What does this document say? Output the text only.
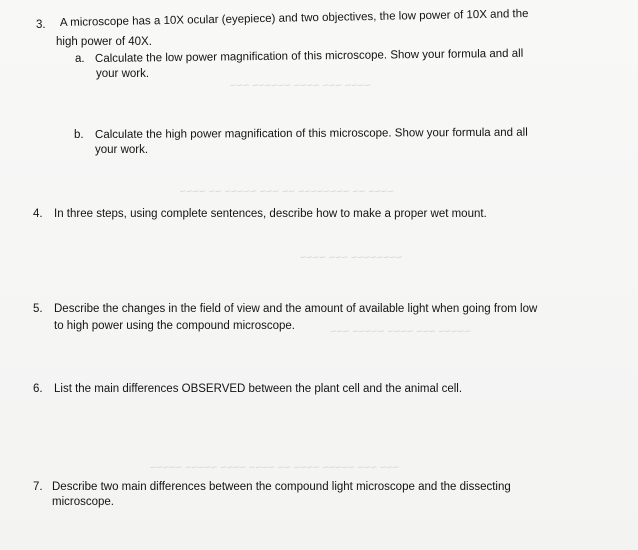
~~~~ ~~~ ~~~~ ~~~~~~ ~~~
~~~~ ~~ ~~~~~~~~ ~~ ~~~ ~~~~~ ~~ ~~~~
~~~~~~~~ ~~~ ~~~~
~~~~~ ~~~ ~~~~ ~~~~~ ~~~
~~~ ~~~ ~~~~~ ~~~~ ~~ ~~~~ ~~~~ ~~~~~ ~~~~~
3. A microscope has a 10X ocular (eyepiece) and two objectives, the low power of 10X and the
high power of 40X.
a. Calculate the low power magnification of this microscope. Show your formula and all
your work.
b. Calculate the high power magnification of this microscope. Show your formula and all
your work.
4. In three steps, using complete sentences, describe how to make a proper wet mount.
5. Describe the changes in the field of view and the amount of available light when going from low
to high power using the compound microscope.
6. List the main differences OBSERVED between the plant cell and the animal cell.
7. Describe two main differences between the compound light microscope and the dissecting
microscope.
